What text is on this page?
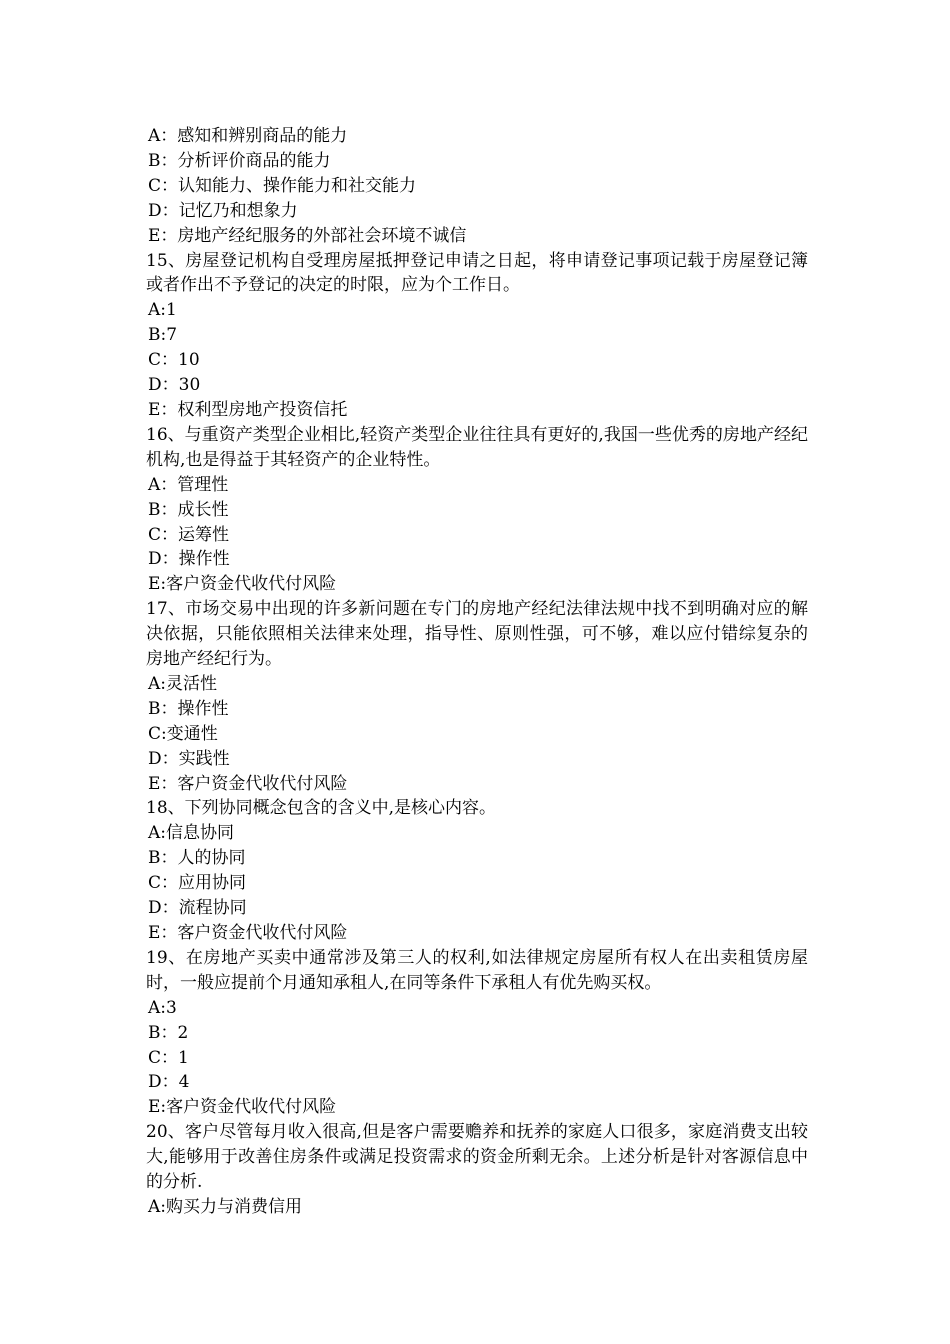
A：感知和辨别商品的能力
B：分析评价商品的能力
C：认知能力、操作能力和社交能力
D：记忆乃和想象力
E：房地产经纪服务的外部社会环境不诚信
15、房屋登记机构自受理房屋抵押登记申请之日起，将申请登记事项记载于房屋登记簿或者作出不予登记的决定的时限，应为个工作日。
A:1
B:7
C：10
D：30
E：权利型房地产投资信托
16、与重资产类型企业相比,轻资产类型企业往往具有更好的,我国一些优秀的房地产经纪机构,也是得益于其轻资产的企业特性。
A：管理性
B：成长性
C：运筹性
D：操作性
E:客户资金代收代付风险
17、市场交易中出现的许多新问题在专门的房地产经纪法律法规中找不到明确对应的解决依据，只能依照相关法律来处理，指导性、原则性强，可不够，难以应付错综复杂的房地产经纪行为。
A:灵活性
B：操作性
C:变通性
D：实践性
E：客户资金代收代付风险
18、下列协同概念包含的含义中,是核心内容。
A:信息协同
B：人的协同
C：应用协同
D：流程协同
E：客户资金代收代付风险
19、在房地产买卖中通常涉及第三人的权利,如法律规定房屋所有权人在出卖租赁房屋时，一般应提前个月通知承租人,在同等条件下承租人有优先购买权。
A:3
B：2
C：1
D：4
E:客户资金代收代付风险
20、客户尽管每月收入很高,但是客户需要赡养和抚养的家庭人口很多，家庭消费支出较大,能够用于改善住房条件或满足投资需求的资金所剩无余。上述分析是针对客源信息中的分析.
A:购买力与消费信用
